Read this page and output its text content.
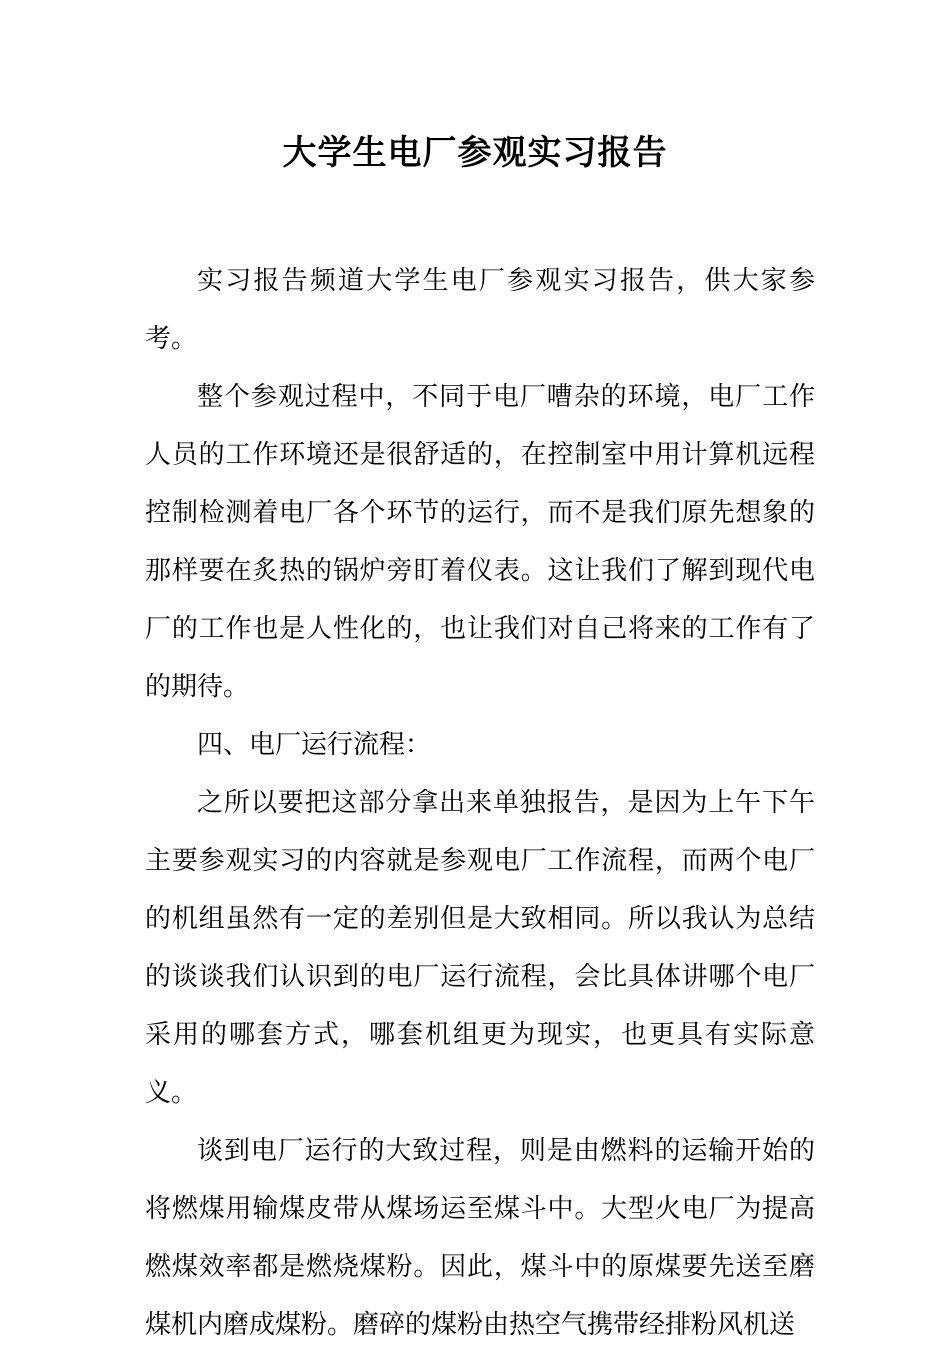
大学生电厂参观实习报告

实习报告频道大学生电厂参观实习报告，供大家参考。

整个参观过程中，不同于电厂嘈杂的环境，电厂工作人员的工作环境还是很舒适的，在控制室中用计算机远程控制检测着电厂各个环节的运行，而不是我们原先想象的那样要在炙热的锅炉旁盯着仪表。这让我们了解到现代电厂的工作也是人性化的，也让我们对自己将来的工作有了的期待。

四、电厂运行流程：

之所以要把这部分拿出来单独报告，是因为上午下午主要参观实习的内容就是参观电厂工作流程，而两个电厂的机组虽然有一定的差别但是大致相同。所以我认为总结的谈谈我们认识到的电厂运行流程，会比具体讲哪个电厂采用的哪套方式，哪套机组更为现实，也更具有实际意义。

谈到电厂运行的大致过程，则是由燃料的运输开始的将燃煤用输煤皮带从煤场运至煤斗中。大型火电厂为提高燃煤效率都是燃烧煤粉。因此，煤斗中的原煤要先送至磨煤机内磨成煤粉。磨碎的煤粉由热空气携带经排粉风机送
